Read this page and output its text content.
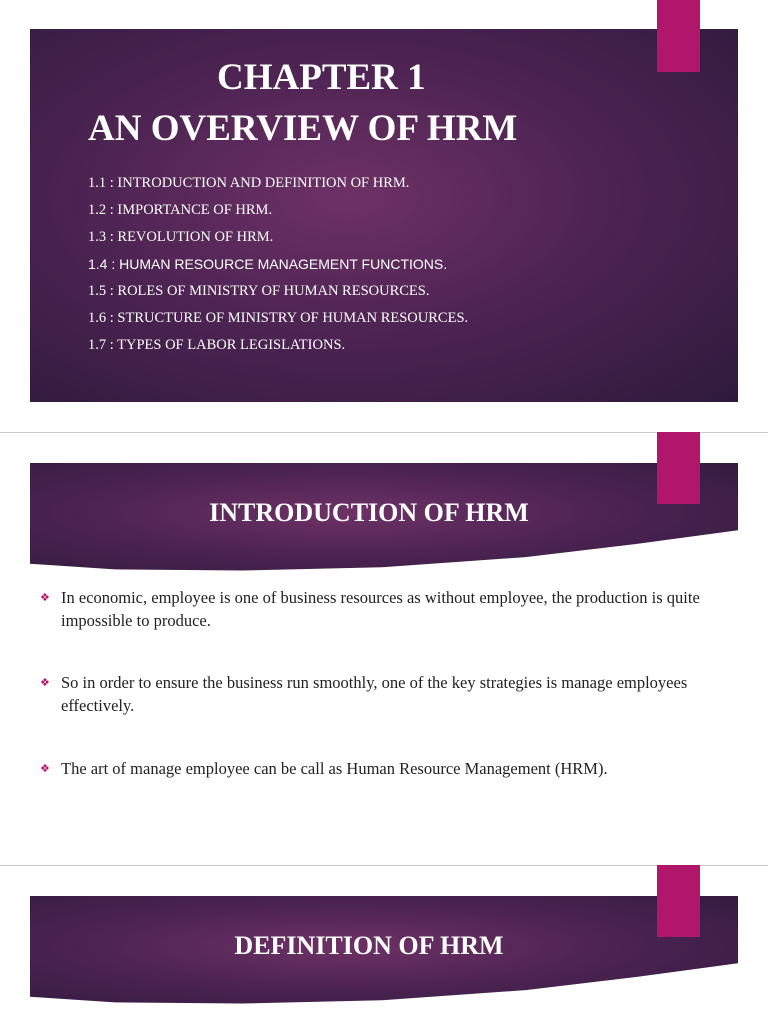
CHAPTER 1
AN OVERVIEW OF HRM
1.1 : INTRODUCTION AND DEFINITION OF HRM.
1.2 : IMPORTANCE OF HRM.
1.3 : REVOLUTION OF HRM.
1.4 : HUMAN RESOURCE MANAGEMENT FUNCTIONS.
1.5 : ROLES OF MINISTRY OF HUMAN RESOURCES.
1.6 : STRUCTURE OF MINISTRY OF HUMAN RESOURCES.
1.7 : TYPES OF LABOR LEGISLATIONS.
INTRODUCTION OF HRM
❖ In economic, employee is one of business resources as without employee, the production is quite impossible to produce.
❖ So in order to ensure the business run smoothly, one of the key strategies is manage employees effectively.
❖ The art of manage employee can be call as Human Resource Management (HRM).
DEFINITION OF HRM
